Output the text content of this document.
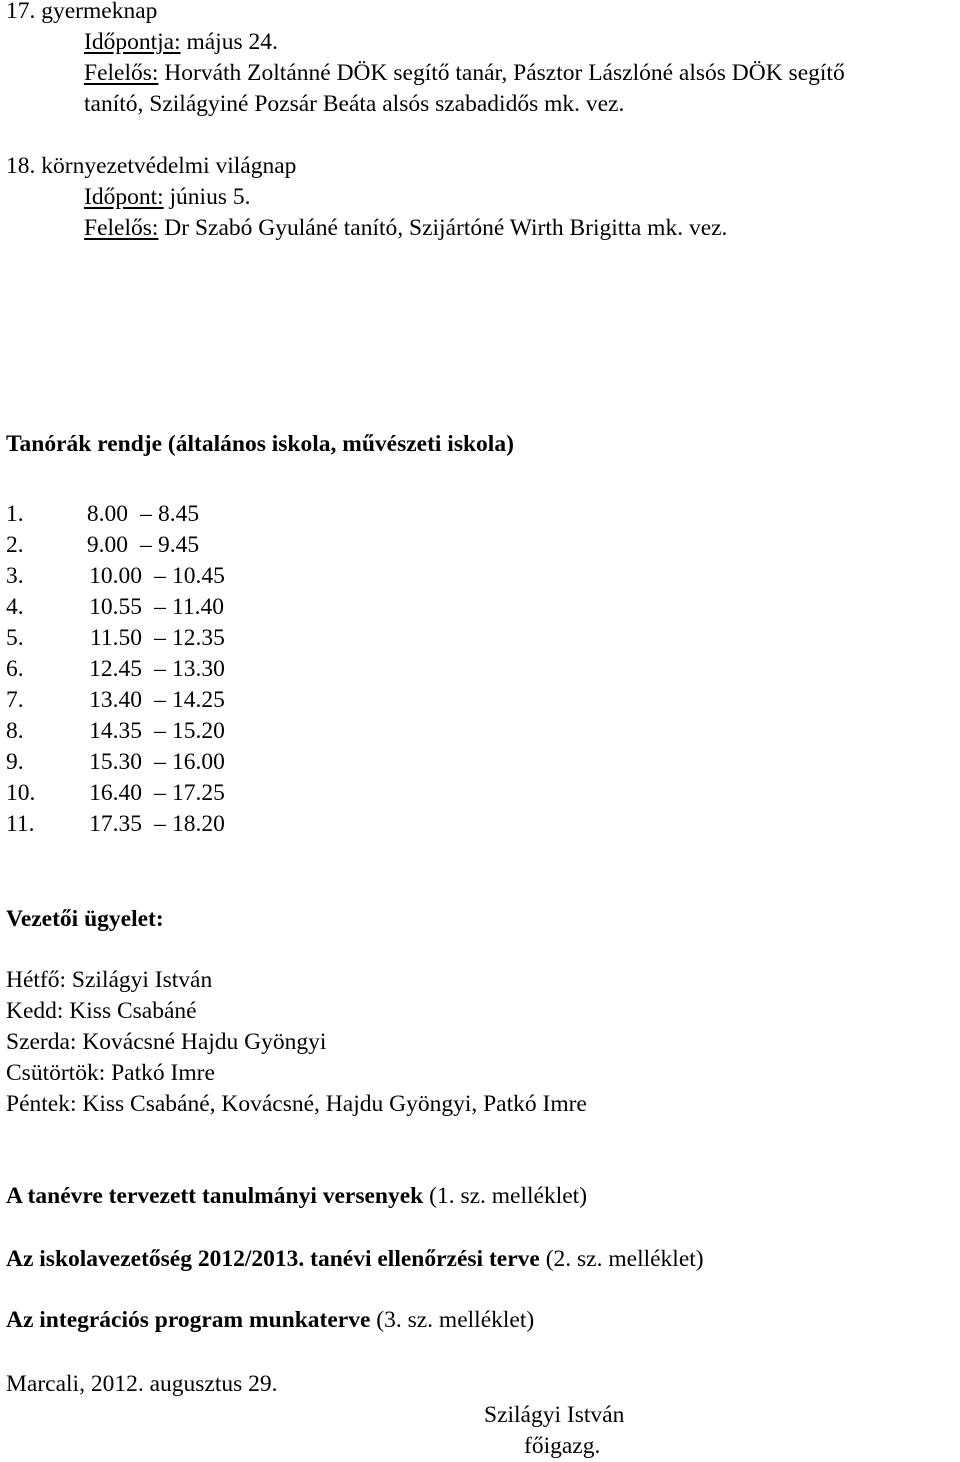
17. gyermeknap
Időpontja: május 24.
Felelős: Horváth Zoltánné DÖK segítő tanár, Pásztor Lászlóné alsós DÖK segítő
tanító, Szilágyiné Pozsár Beáta alsós szabadidős mk. vez.
18. környezetvédelmi világnap
Időpont: június 5.
Felelős: Dr Szabó Gyuláné tanító, Szijártóné Wirth Brigitta mk. vez.
Tanórák rendje (általános iskola, művészeti iskola)
1.	8.00 – 8.45
2.	9.00 – 9.45
3.	10.00 – 10.45
4.	10.55 – 11.40
5.	11.50 – 12.35
6.	12.45 – 13.30
7.	13.40 – 14.25
8.	14.35 – 15.20
9.	15.30 – 16.00
10.	16.40 – 17.25
11.	17.35 – 18.20
Vezetői ügyelet:
Hétfő: Szilágyi István
Kedd: Kiss Csabáné
Szerda: Kovácsné Hajdu Gyöngyi
Csütörtök: Patkó Imre
Péntek: Kiss Csabáné, Kovácsné, Hajdu Gyöngyi, Patkó Imre
A tanévre tervezett tanulmányi versenyek (1. sz. melléklet)
Az iskolavezetőség 2012/2013. tanévi ellenőrzési terve (2. sz. melléklet)
Az integrációs program munkaterve (3. sz. melléklet)
Marcali, 2012. augusztus 29.
Szilágyi István
főigazg.
